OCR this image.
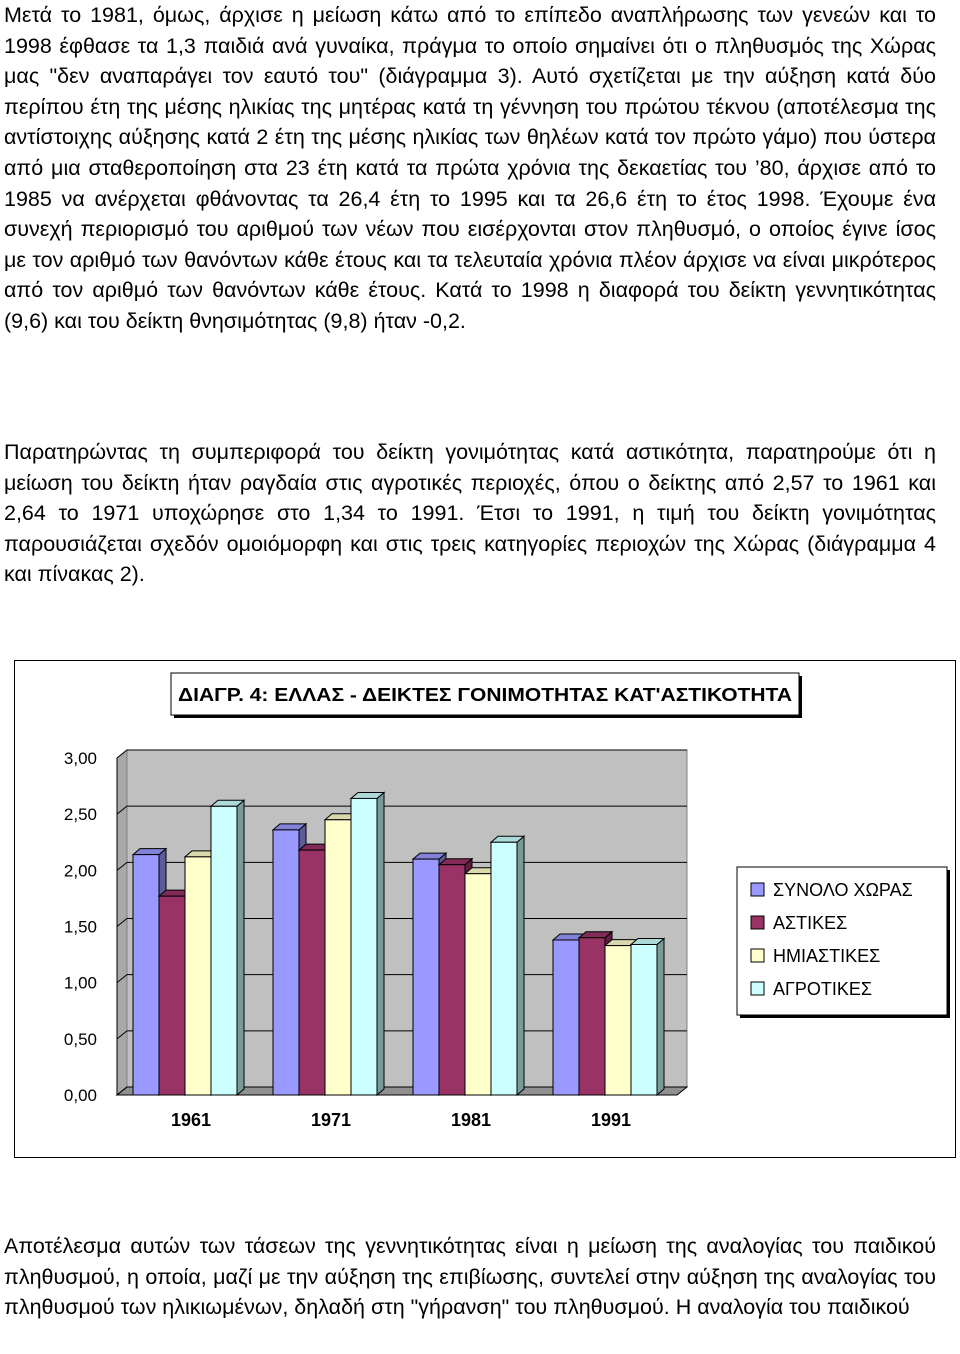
Μετά το 1981, όμως, άρχισε η μείωση κάτω από το επίπεδο αναπλήρωσης των γενεών και το 1998 έφθασε τα 1,3 παιδιά ανά γυναίκα, πράγμα το οποίο σημαίνει ότι ο πληθυσμός της Χώρας μας "δεν αναπαράγει τον εαυτό του" (διάγραμμα 3). Αυτό σχετίζεται με την αύξηση κατά δύο περίπου έτη της μέσης ηλικίας της μητέρας κατά τη γέννηση του πρώτου τέκνου (αποτέλεσμα της αντίστοιχης αύξησης κατά 2 έτη της μέσης ηλικίας των θηλέων κατά τον πρώτο γάμο) που ύστερα από μια σταθεροποίηση στα 23 έτη κατά τα πρώτα χρόνια της δεκαετίας του ’80, άρχισε από το 1985 να ανέρχεται φθάνοντας τα 26,4 έτη το 1995 και τα 26,6 έτη το έτος 1998. Έχουμε ένα συνεχή περιορισμό του αριθμού των νέων που εισέρχονται στον πληθυσμό, ο οποίος έγινε ίσος με τον αριθμό των θανόντων κάθε έτους και τα τελευταία χρόνια πλέον άρχισε να είναι μικρότερος από τον αριθμό των θανόντων κάθε έτους. Κατά το 1998 η διαφορά του δείκτη γεννητικότητας (9,6) και του δείκτη θνησιμότητας (9,8) ήταν -0,2.

Παρατηρώντας τη συμπεριφορά του δείκτη γονιμότητας κατά αστικότητα, παρατηρούμε ότι η μείωση του δείκτη ήταν ραγδαία στις αγροτικές περιοχές, όπου ο δείκτης από 2,57 το 1961 και 2,64 το 1971 υποχώρησε στο 1,34 το 1991. Έτσι το 1991, η τιμή του δείκτη γονιμότητας παρουσιάζεται σχεδόν ομοιόμορφη και στις τρεις κατηγορίες περιοχών της Χώρας (διάγραμμα 4 και πίνακας 2).

0,00
0,50
1,00
1,50
2,00
2,50
3,00
1961	1971	1981	1991
ΔΙΑΓΡ. 4: ΕΛΛΑΣ - ΔΕΙΚΤΕΣ ΓΟΝΙΜΟΤΗΤΑΣ ΚΑΤ'ΑΣΤΙΚΟΤΗΤΑ
ΣΥΝΟΛΟ ΧΩΡΑΣ
ΑΣΤΙΚΕΣ
ΗΜΙΑΣΤΙΚΕΣ
ΑΓΡΟΤΙΚΕΣ

Αποτέλεσμα αυτών των τάσεων της γεννητικότητας είναι η μείωση της αναλογίας του παιδικού πληθυσμού, η οποία, μαζί με την αύξηση της επιβίωσης, συντελεί στην αύξηση της αναλογίας του πληθυσμού των ηλικιωμένων, δηλαδή στη "γήρανση" του πληθυσμού. Η αναλογία του παιδικού
